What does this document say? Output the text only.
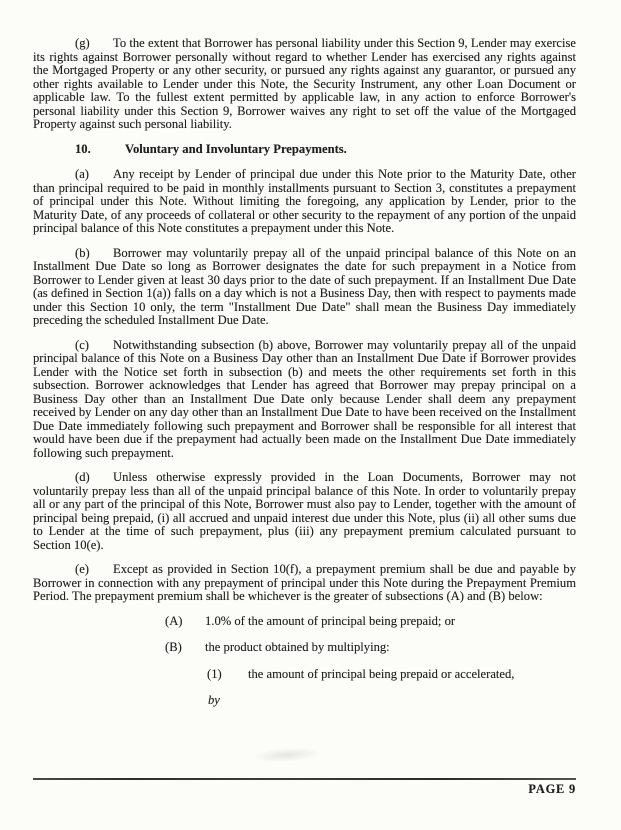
(g) To the extent that Borrower has personal liability under this Section 9, Lender may exercise its rights against Borrower personally without regard to whether Lender has exercised any rights against the Mortgaged Property or any other security, or pursued any rights against any guarantor, or pursued any other rights available to Lender under this Note, the Security Instrument, any other Loan Document or applicable law. To the fullest extent permitted by applicable law, in any action to enforce Borrower's personal liability under this Section 9, Borrower waives any right to set off the value of the Mortgaged Property against such personal liability.

10.	Voluntary and Involuntary Prepayments.

(a) Any receipt by Lender of principal due under this Note prior to the Maturity Date, other than principal required to be paid in monthly installments pursuant to Section 3, constitutes a prepayment of principal under this Note. Without limiting the foregoing, any application by Lender, prior to the Maturity Date, of any proceeds of collateral or other security to the repayment of any portion of the unpaid principal balance of this Note constitutes a prepayment under this Note.

(b) Borrower may voluntarily prepay all of the unpaid principal balance of this Note on an Installment Due Date so long as Borrower designates the date for such prepayment in a Notice from Borrower to Lender given at least 30 days prior to the date of such prepayment. If an Installment Due Date (as defined in Section 1(a)) falls on a day which is not a Business Day, then with respect to payments made under this Section 10 only, the term "Installment Due Date" shall mean the Business Day immediately preceding the scheduled Installment Due Date.

(c) Notwithstanding subsection (b) above, Borrower may voluntarily prepay all of the unpaid principal balance of this Note on a Business Day other than an Installment Due Date if Borrower provides Lender with the Notice set forth in subsection (b) and meets the other requirements set forth in this subsection. Borrower acknowledges that Lender has agreed that Borrower may prepay principal on a Business Day other than an Installment Due Date only because Lender shall deem any prepayment received by Lender on any day other than an Installment Due Date to have been received on the Installment Due Date immediately following such prepayment and Borrower shall be responsible for all interest that would have been due if the prepayment had actually been made on the Installment Due Date immediately following such prepayment.

(d) Unless otherwise expressly provided in the Loan Documents, Borrower may not voluntarily prepay less than all of the unpaid principal balance of this Note. In order to voluntarily prepay all or any part of the principal of this Note, Borrower must also pay to Lender, together with the amount of principal being prepaid, (i) all accrued and unpaid interest due under this Note, plus (ii) all other sums due to Lender at the time of such prepayment, plus (iii) any prepayment premium calculated pursuant to Section 10(e).

(e) Except as provided in Section 10(f), a prepayment premium shall be due and payable by Borrower in connection with any prepayment of principal under this Note during the Prepayment Premium Period. The prepayment premium shall be whichever is the greater of subsections (A) and (B) below:

(A) 1.0% of the amount of principal being prepaid; or
(B) the product obtained by multiplying:
(1) the amount of principal being prepaid or accelerated,
by
PAGE 9
